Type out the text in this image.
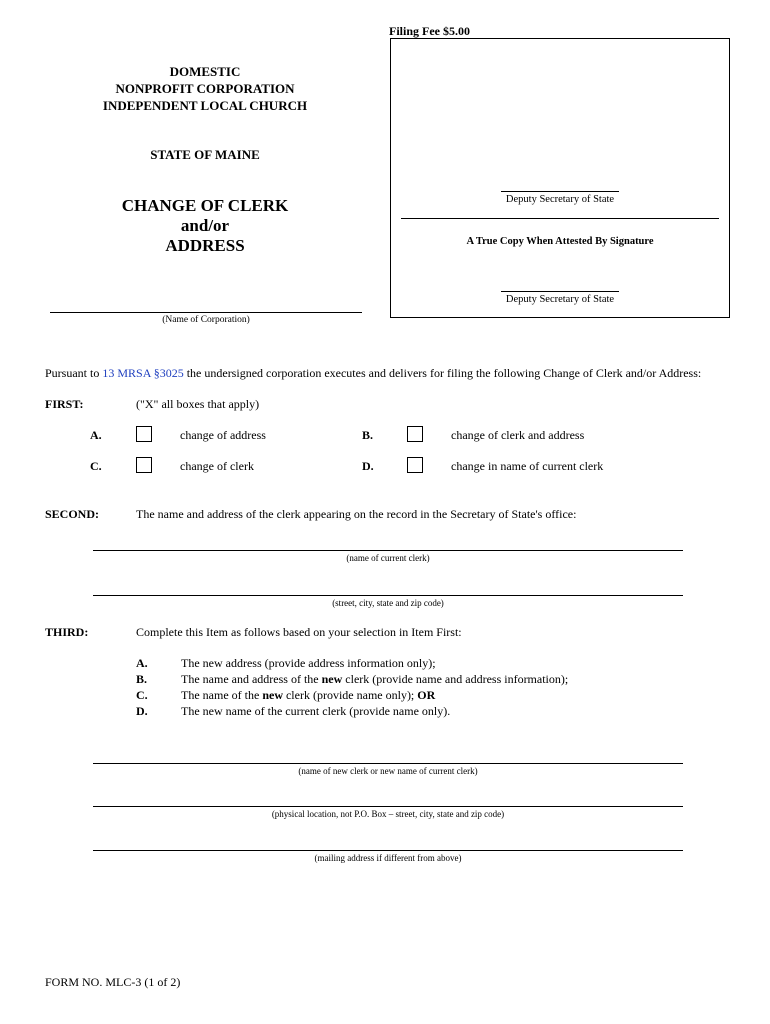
Filing Fee $5.00
Deputy Secretary of State
A True Copy When Attested By Signature
Deputy Secretary of State
DOMESTIC
NONPROFIT CORPORATION
INDEPENDENT LOCAL CHURCH
STATE OF MAINE
CHANGE OF CLERK
and/or
ADDRESS
(Name of Corporation)
Pursuant to 13 MRSA §3025 the undersigned corporation executes and delivers for filing the following Change of Clerk and/or Address:
FIRST:	("X" all boxes that apply)
A.	change of address	B.	change of clerk and address
C.	change of clerk	D.	change in name of current clerk
SECOND:	The name and address of the clerk appearing on the record in the Secretary of State's office:
(name of current clerk)
(street, city, state and zip code)
THIRD:	Complete this Item as follows based on your selection in Item First:
A.	The new address (provide address information only);
B.	The name and address of the new clerk (provide name and address information);
C.	The name of the new clerk (provide name only); OR
D.	The new name of the current clerk (provide name only).
(name of new clerk or new name of current clerk)
(physical location, not P.O. Box – street, city, state and zip code)
(mailing address if different from above)
FORM NO. MLC-3 (1 of 2)
